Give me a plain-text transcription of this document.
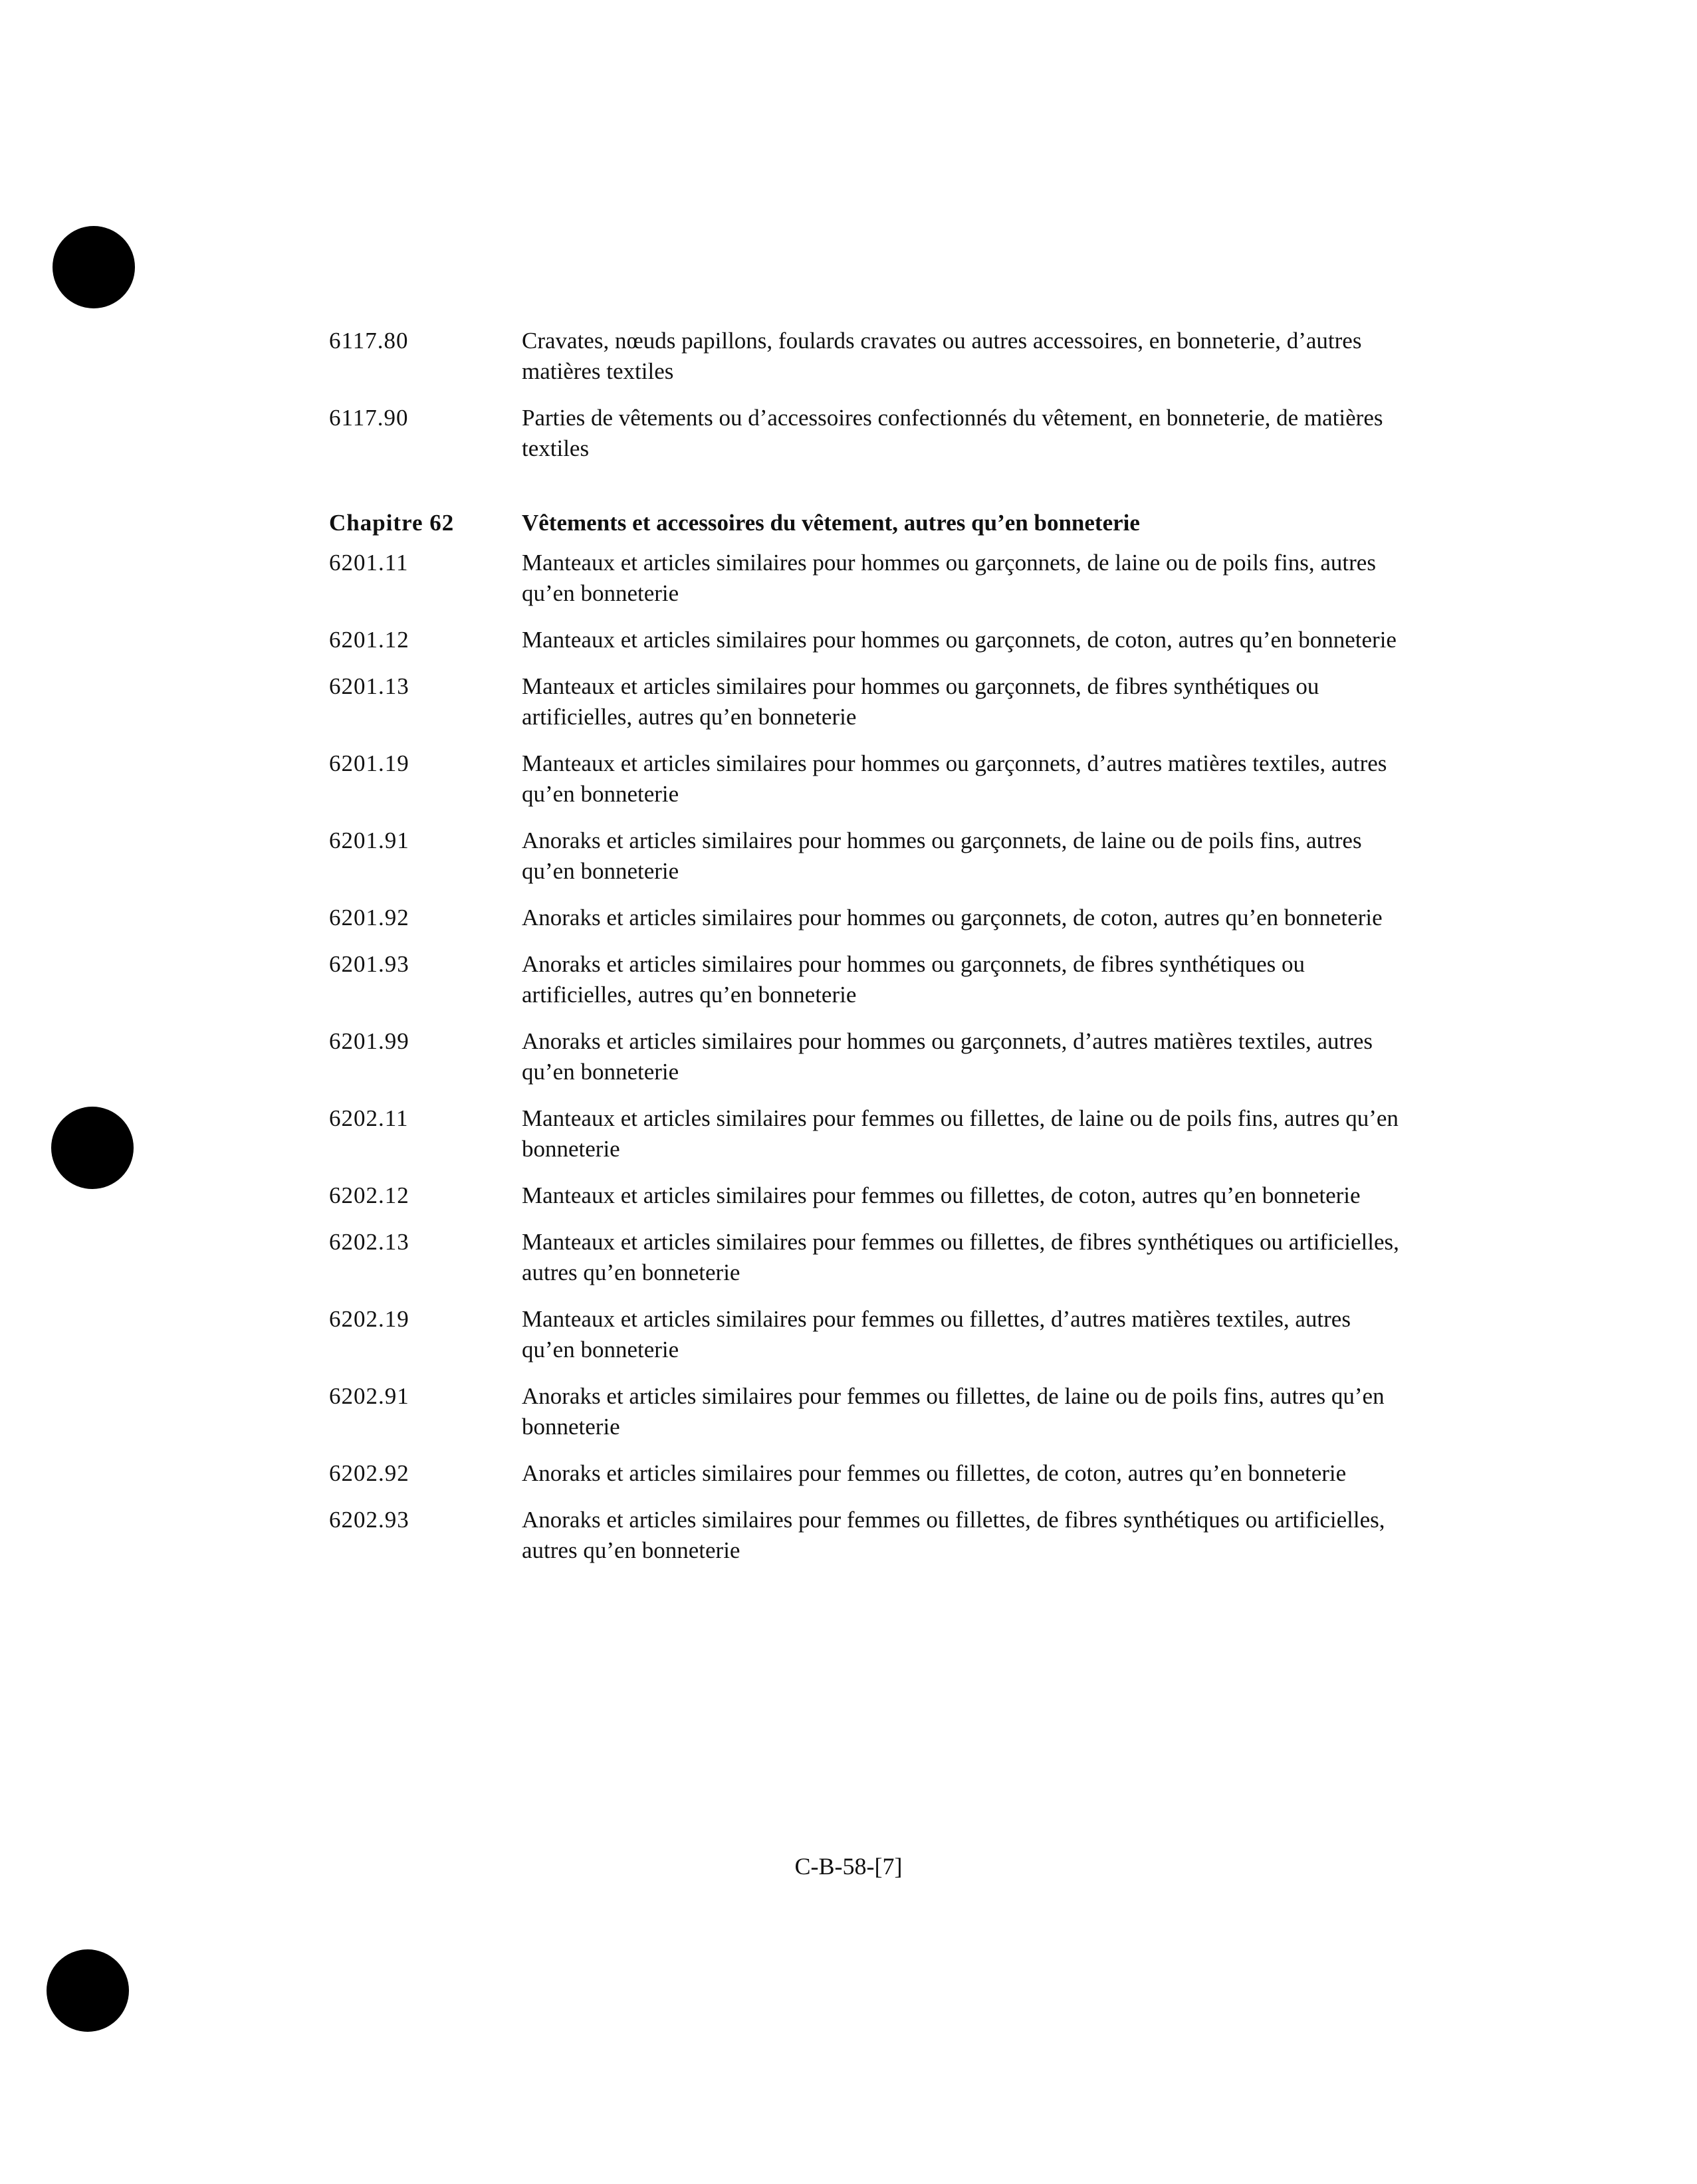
6117.80	Cravates, nœuds papillons, foulards cravates ou autres accessoires, en bonneterie, d’autres matières textiles
6117.90	Parties de vêtements ou d’accessoires confectionnés du vêtement, en bonneterie, de matières textiles
Chapitre 62	Vêtements et accessoires du vêtement, autres qu’en bonneterie
6201.11	Manteaux et articles similaires pour hommes ou garçonnets, de laine ou de poils fins, autres qu’en bonneterie
6201.12	Manteaux et articles similaires pour hommes ou garçonnets, de coton, autres qu’en bonneterie
6201.13	Manteaux et articles similaires pour hommes ou garçonnets, de fibres synthétiques ou artificielles, autres qu’en bonneterie
6201.19	Manteaux et articles similaires pour hommes ou garçonnets, d’autres matières textiles, autres qu’en bonneterie
6201.91	Anoraks et articles similaires pour hommes ou garçonnets, de laine ou de poils fins, autres qu’en bonneterie
6201.92	Anoraks et articles similaires pour hommes ou garçonnets, de coton, autres qu’en bonneterie
6201.93	Anoraks et articles similaires pour hommes ou garçonnets, de fibres synthétiques ou artificielles, autres qu’en bonneterie
6201.99	Anoraks et articles similaires pour hommes ou garçonnets, d’autres matières textiles, autres qu’en bonneterie
6202.11	Manteaux et articles similaires pour femmes ou fillettes, de laine ou de poils fins, autres qu’en bonneterie
6202.12	Manteaux et articles similaires pour femmes ou fillettes, de coton, autres qu’en bonneterie
6202.13	Manteaux et articles similaires pour femmes ou fillettes, de fibres synthétiques ou artificielles, autres qu’en bonneterie
6202.19	Manteaux et articles similaires pour femmes ou fillettes, d’autres matières textiles, autres qu’en bonneterie
6202.91	Anoraks et articles similaires pour femmes ou fillettes, de laine ou de poils fins, autres qu’en bonneterie
6202.92	Anoraks et articles similaires pour femmes ou fillettes, de coton, autres qu’en bonneterie
6202.93	Anoraks et articles similaires pour femmes ou fillettes, de fibres synthétiques ou artificielles, autres qu’en bonneterie
C-B-58-[7]
